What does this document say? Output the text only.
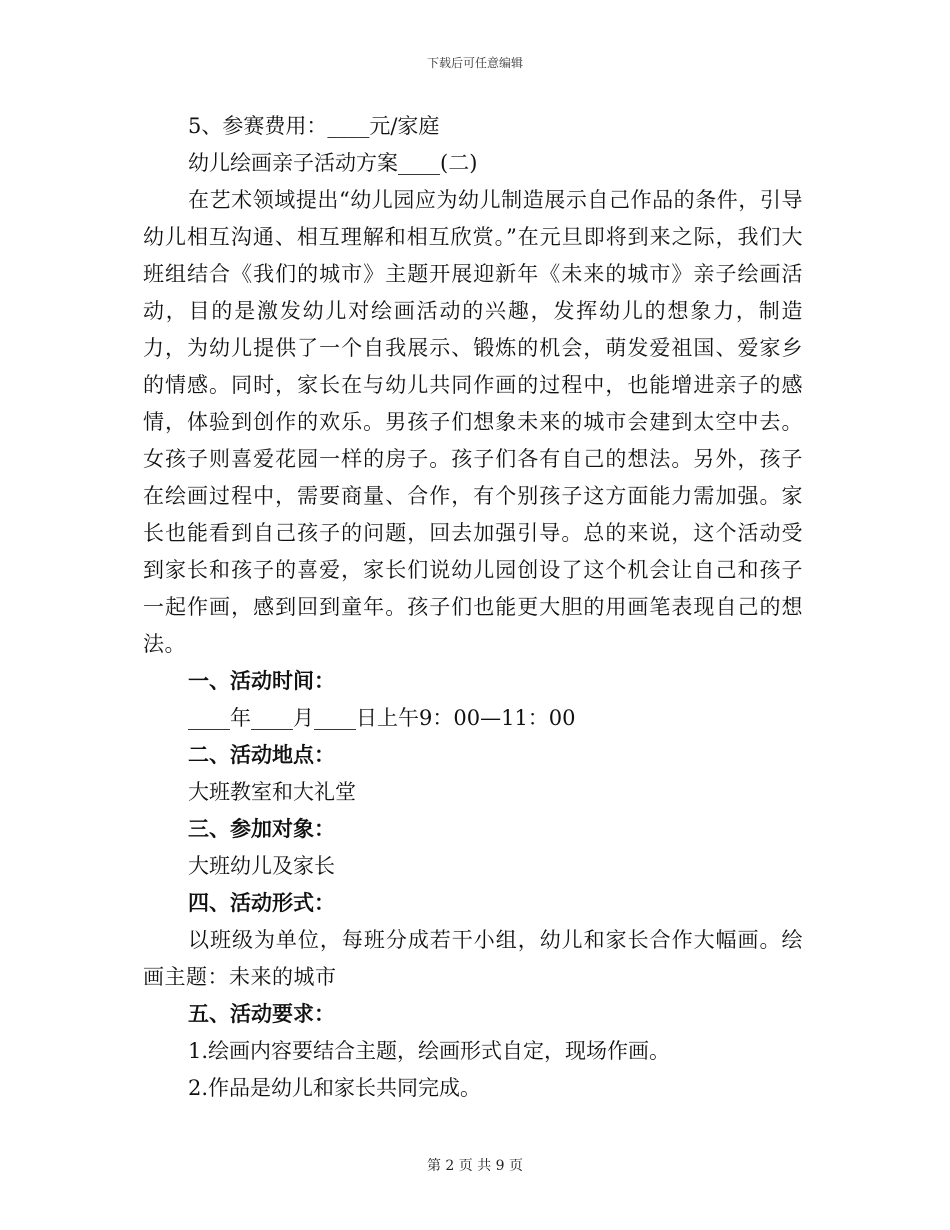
下载后可任意编辑

5、参赛费用：____元/家庭

幼儿绘画亲子活动方案____(二)

在艺术领域提出“幼儿园应为幼儿制造展示自己作品的条件，引导幼儿相互沟通、相互理解和相互欣赏。”在元旦即将到来之际，我们大班组结合《我们的城市》主题开展迎新年《未来的城市》亲子绘画活动，目的是激发幼儿对绘画活动的兴趣，发挥幼儿的想象力，制造力，为幼儿提供了一个自我展示、锻炼的机会，萌发爱祖国、爱家乡的情感。同时，家长在与幼儿共同作画的过程中，也能增进亲子的感情，体验到创作的欢乐。男孩子们想象未来的城市会建到太空中去。女孩子则喜爱花园一样的房子。孩子们各有自己的想法。另外，孩子在绘画过程中，需要商量、合作，有个别孩子这方面能力需加强。家长也能看到自己孩子的问题，回去加强引导。总的来说，这个活动受到家长和孩子的喜爱，家长们说幼儿园创设了这个机会让自己和孩子一起作画，感到回到童年。孩子们也能更大胆的用画笔表现自己的想法。

一、活动时间：

____年____月____日上午9：00—11：00

二、活动地点：

大班教室和大礼堂

三、参加对象：

大班幼儿及家长

四、活动形式：

以班级为单位，每班分成若干小组，幼儿和家长合作大幅画。绘画主题：未来的城市

五、活动要求：

1.绘画内容要结合主题，绘画形式自定，现场作画。

2.作品是幼儿和家长共同完成。

第 2 页 共 9 页
